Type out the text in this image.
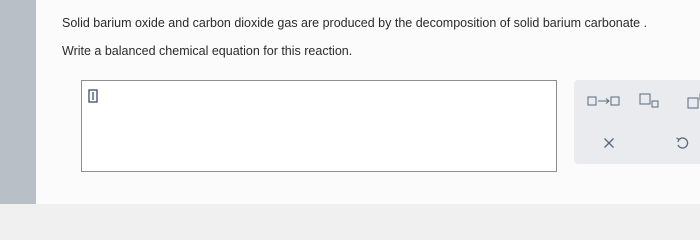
Solid barium oxide and carbon dioxide gas are produced by the decomposition of solid barium carbonate .
Write a balanced chemical equation for this reaction.
